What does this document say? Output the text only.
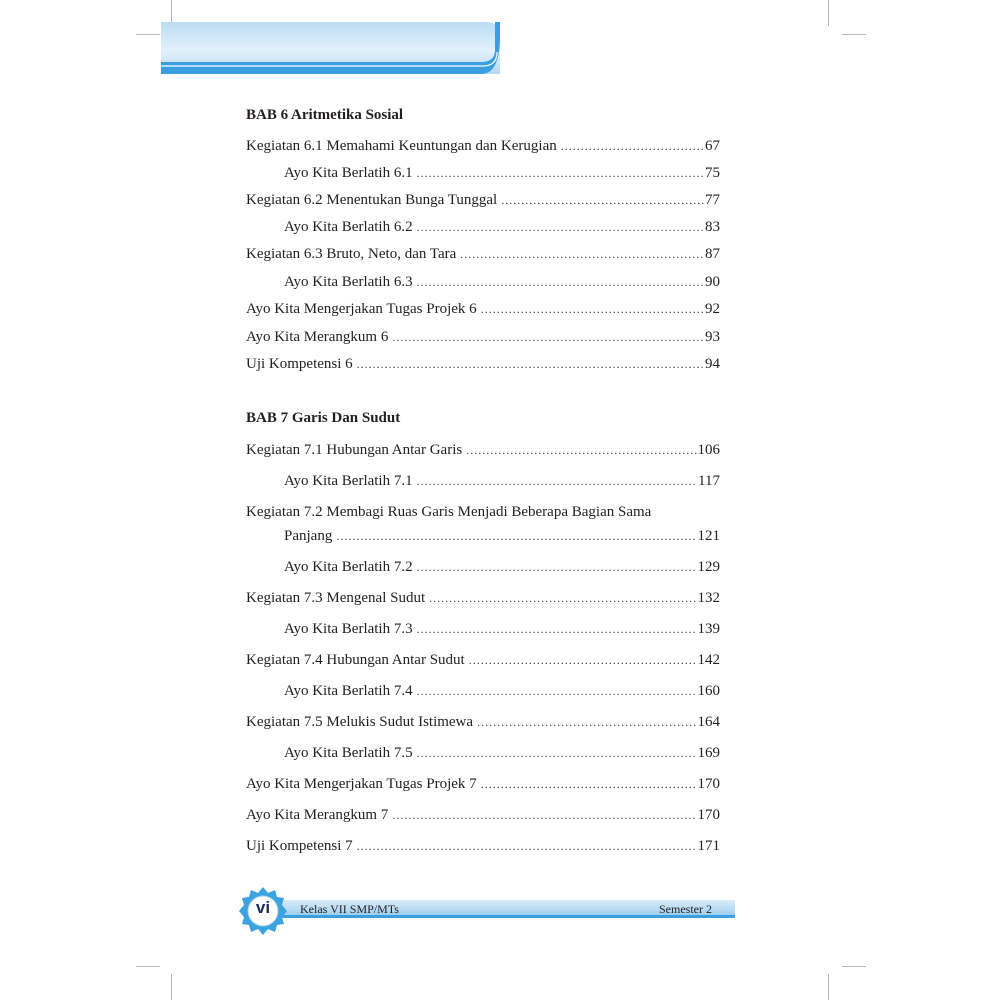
BAB 6 Aritmetika Sosial
Kegiatan 6.1 Memahami Keuntungan dan Kerugian .....	67
Ayo Kita Berlatih 6.1 .....	75
Kegiatan 6.2 Menentukan Bunga Tunggal .....	77
Ayo Kita Berlatih 6.2 .....	83
Kegiatan 6.3 Bruto, Neto, dan Tara .....	87
Ayo Kita Berlatih 6.3 .....	90
Ayo Kita Mengerjakan Tugas Projek 6 .....	92
Ayo Kita Merangkum 6 .....	93
Uji Kompetensi 6 .....	94
BAB 7 Garis Dan Sudut
Kegiatan 7.1 Hubungan Antar Garis .....	106
Ayo Kita Berlatih 7.1 .....	117
Kegiatan 7.2 Membagi Ruas Garis Menjadi Beberapa Bagian Sama
Panjang .....	121
Ayo Kita Berlatih 7.2 .....	129
Kegiatan 7.3 Mengenal Sudut .....	132
Ayo Kita Berlatih 7.3 .....	139
Kegiatan 7.4 Hubungan Antar Sudut .....	142
Ayo Kita Berlatih 7.4 .....	160
Kegiatan 7.5 Melukis Sudut Istimewa .....	164
Ayo Kita Berlatih 7.5 .....	169
Ayo Kita Mengerjakan Tugas Projek 7 .....	170
Ayo Kita Merangkum 7 .....	170
Uji Kompetensi 7 .....	171
Kelas VII SMP/MTs	Semester 2
vi
